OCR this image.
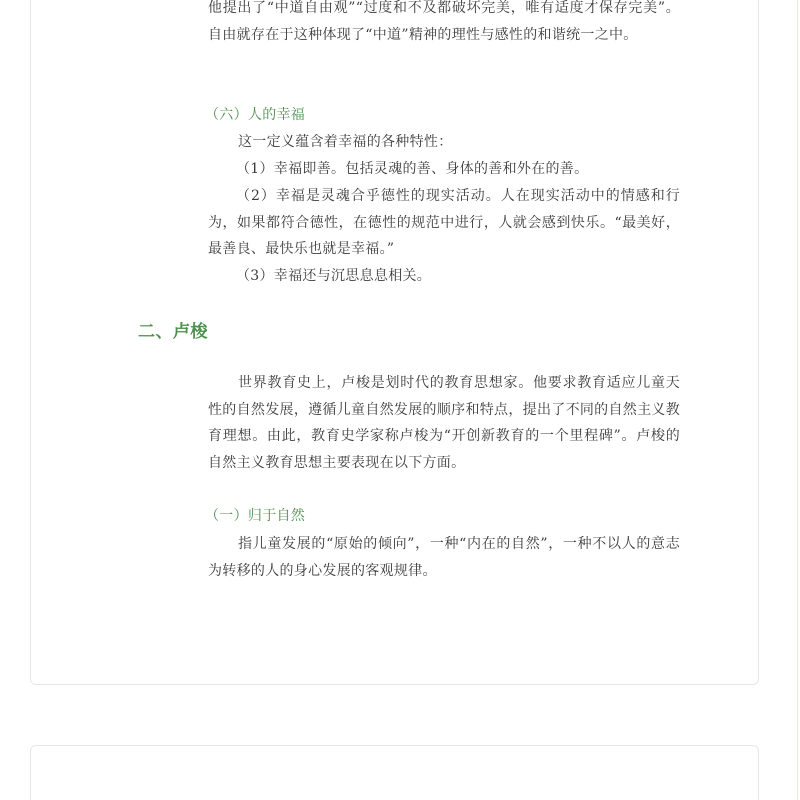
他提出了“中道自由观”“过度和不及都破坏完美，唯有适度才保存完美”。自由就存在于这种体现了“中道”精神的理性与感性的和谐统一之中。

（六）人的幸福

这一定义蕴含着幸福的各种特性：

（1）幸福即善。包括灵魂的善、身体的善和外在的善。

（2）幸福是灵魂合乎德性的现实活动。人在现实活动中的情感和行为，如果都符合德性，在德性的规范中进行，人就会感到快乐。“最美好，最善良、最快乐也就是幸福。”

（3）幸福还与沉思息息相关。

二、卢梭

世界教育史上，卢梭是划时代的教育思想家。他要求教育适应儿童天性的自然发展，遵循儿童自然发展的顺序和特点，提出了不同的自然主义教育理想。由此，教育史学家称卢梭为“开创新教育的一个里程碑”。卢梭的自然主义教育思想主要表现在以下方面。

（一）归于自然

指儿童发展的“原始的倾向”，一种“内在的自然”，一种不以人的意志为转移的人的身心发展的客观规律。
